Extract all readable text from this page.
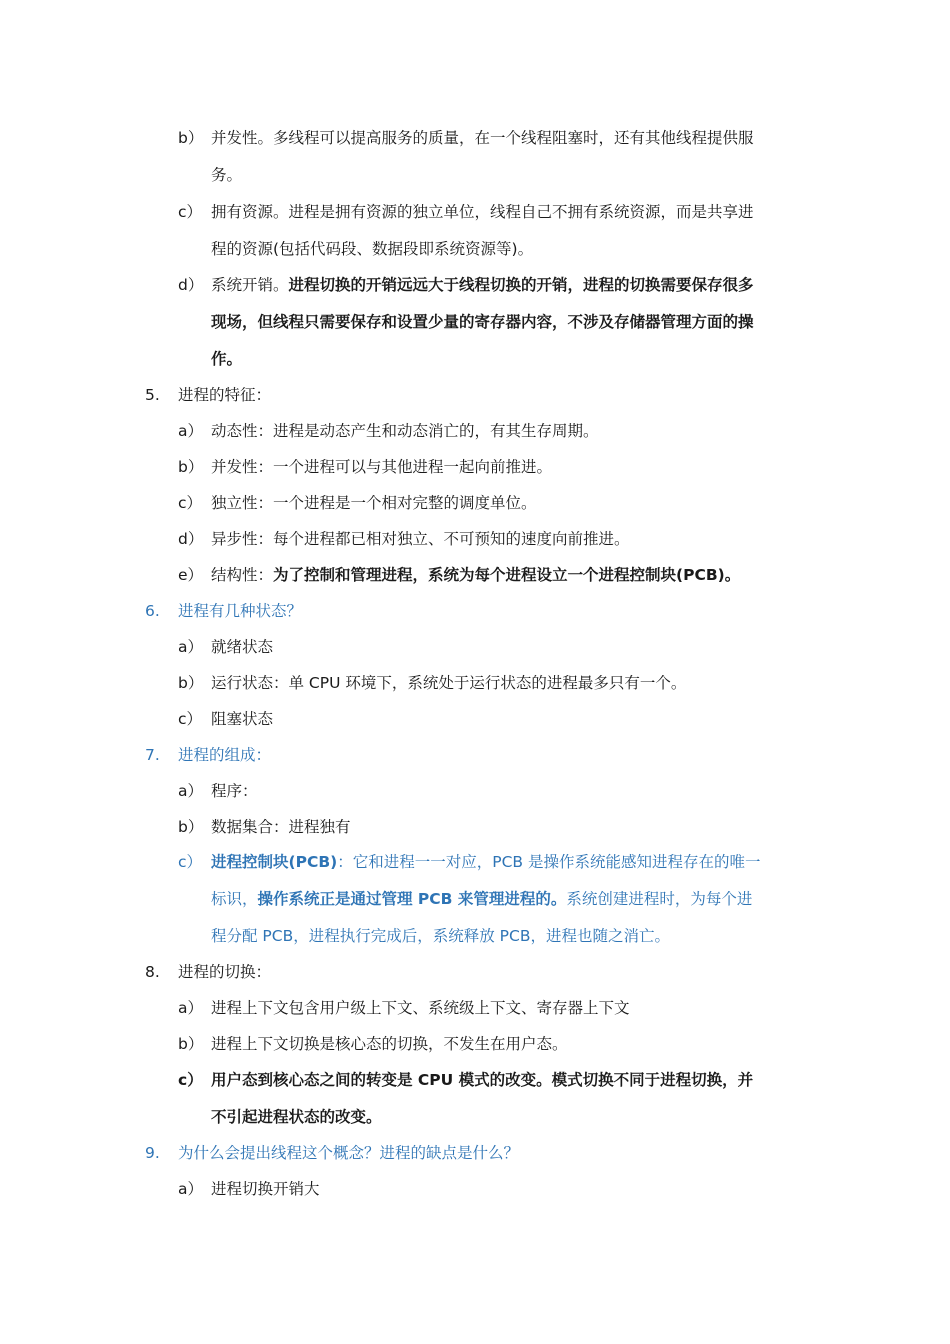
b） 并发性。多线程可以提高服务的质量，在一个线程阻塞时，还有其他线程提供服
务。
c） 拥有资源。进程是拥有资源的独立单位，线程自己不拥有系统资源，而是共享进
程的资源(包括代码段、数据段即系统资源等)。
d） 系统开销。进程切换的开销远远大于线程切换的开销，进程的切换需要保存很多
现场，但线程只需要保存和设置少量的寄存器内容，不涉及存储器管理方面的操
作。
5. 进程的特征：
a） 动态性：进程是动态产生和动态消亡的，有其生存周期。
b） 并发性：一个进程可以与其他进程一起向前推进。
c） 独立性：一个进程是一个相对完整的调度单位。
d） 异步性：每个进程都已相对独立、不可预知的速度向前推进。
e） 结构性：为了控制和管理进程，系统为每个进程设立一个进程控制块(PCB)。
6. 进程有几种状态？
a） 就绪状态
b） 运行状态：单 CPU 环境下，系统处于运行状态的进程最多只有一个。
c） 阻塞状态
7. 进程的组成：
a） 程序：
b） 数据集合：进程独有
c） 进程控制块(PCB)：它和进程一一对应，PCB 是操作系统能感知进程存在的唯一
标识，操作系统正是通过管理 PCB 来管理进程的。系统创建进程时，为每个进
程分配 PCB，进程执行完成后，系统释放 PCB，进程也随之消亡。
8. 进程的切换：
a） 进程上下文包含用户级上下文、系统级上下文、寄存器上下文
b） 进程上下文切换是核心态的切换，不发生在用户态。
c） 用户态到核心态之间的转变是 CPU 模式的改变。模式切换不同于进程切换，并
不引起进程状态的改变。
9. 为什么会提出线程这个概念？进程的缺点是什么？
a） 进程切换开销大
